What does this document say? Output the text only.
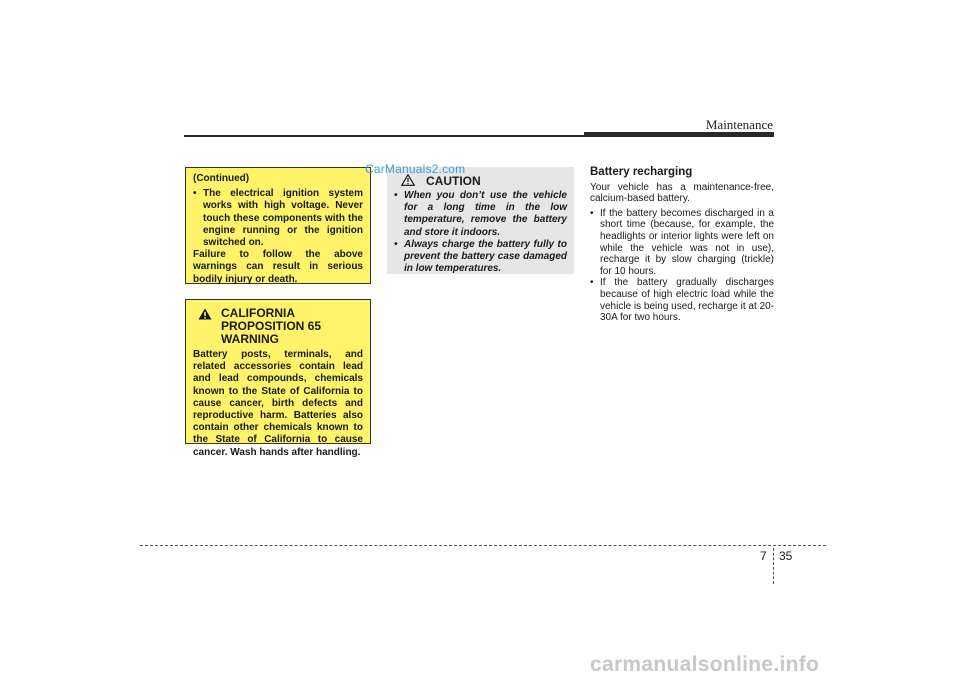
Maintenance
(Continued)
• The electrical ignition system works with high voltage. Never touch these components with the engine running or the ignition switched on.
Failure to follow the above warnings can result in serious bodily injury or death.
CALIFORNIA PROPOSITION 65 WARNING
Battery posts, terminals, and related accessories contain lead and lead compounds, chemicals known to the State of California to cause cancer, birth defects and reproductive harm. Batteries also contain other chemicals known to the State of California to cause cancer. Wash hands after handling.
CAUTION
• When you don’t use the vehicle for a long time in the low temperature, remove the battery and store it indoors.
• Always charge the battery fully to prevent the battery case damaged in low temperatures.
CarManuals2.com	Battery recharging
Your vehicle has a maintenance-free, calcium-based battery.
• If the battery becomes discharged in a short time (because, for example, the headlights or interior lights were left on while the vehicle was not in use), recharge it by slow charging (trickle) for 10 hours.
• If the battery gradually discharges because of high electric load while the vehicle is being used, recharge it at 20-30A for two hours.
7 35
carmanualsonline.info
